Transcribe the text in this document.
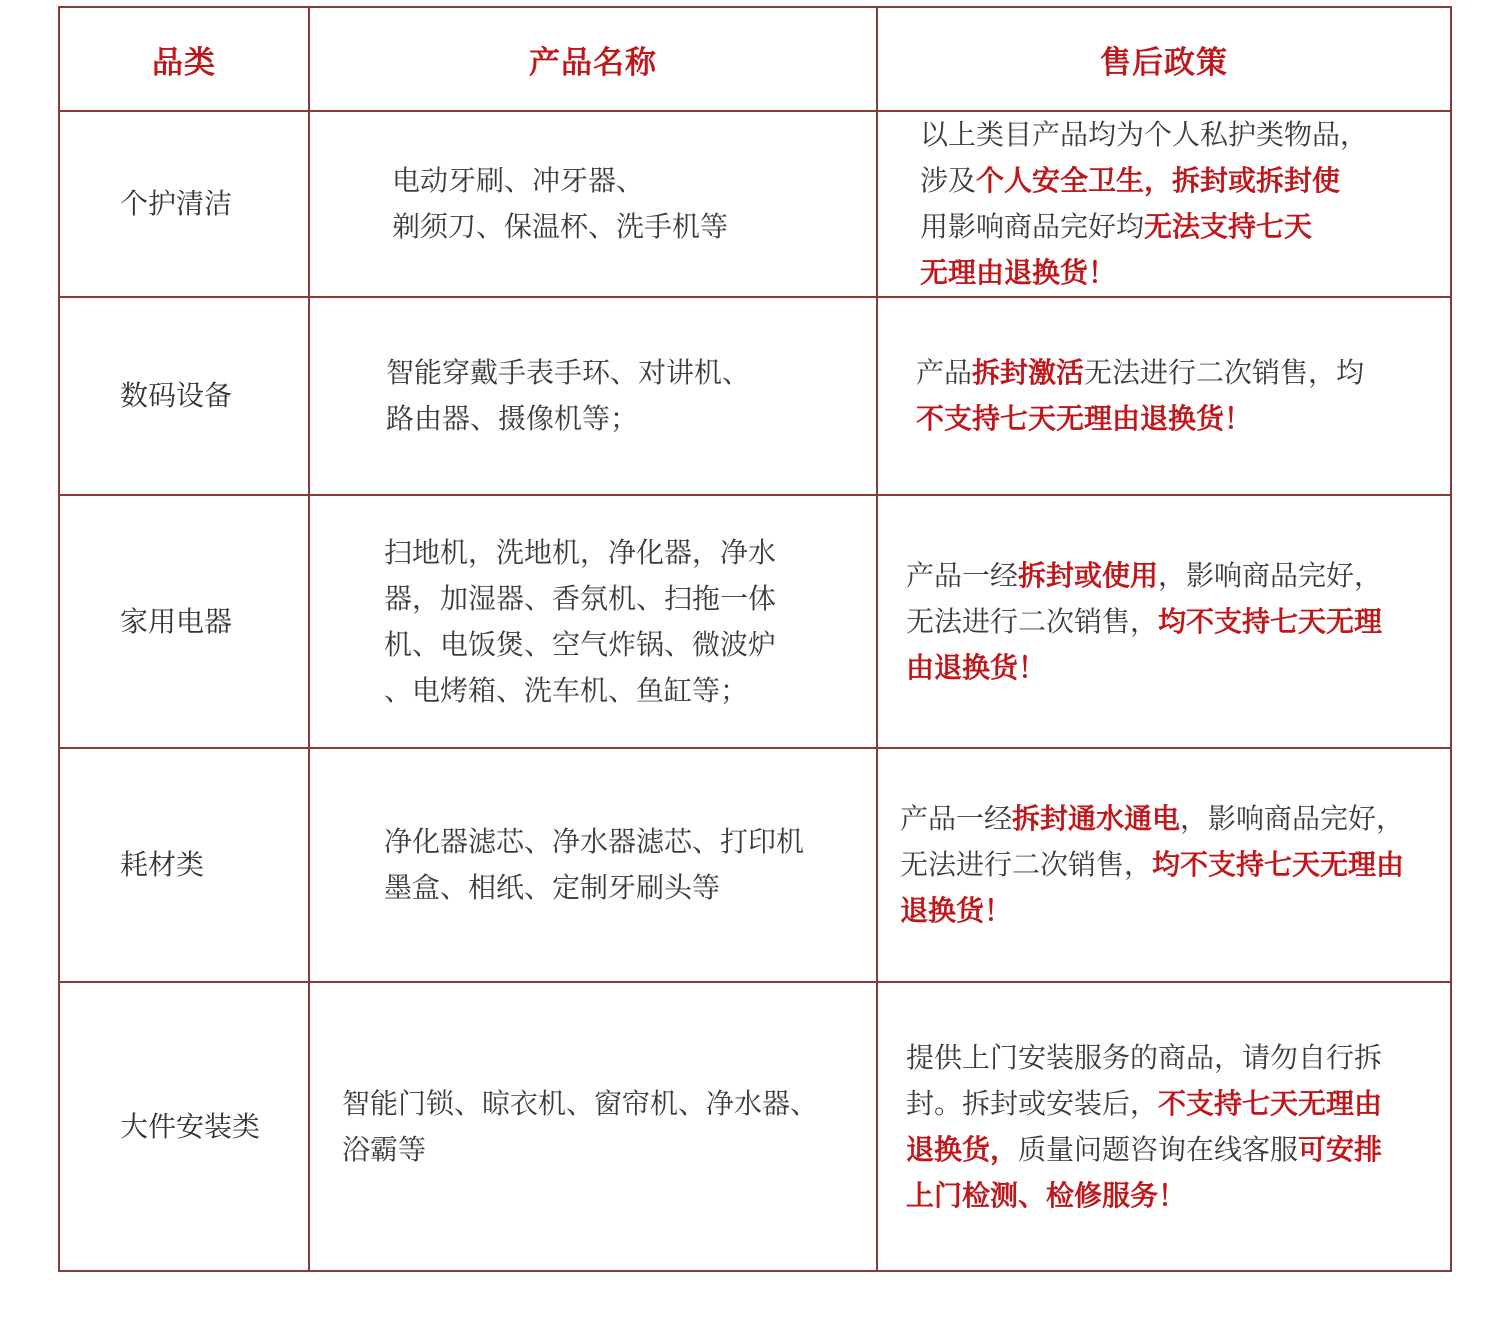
品类	产品名称	售后政策

个护清洁	电动牙刷、冲牙器、
剃须刀、保温杯、洗手机等	以上类目产品均为个人私护类物品，
涉及个人安全卫生，拆封或拆封使
用影响商品完好均无法支持七天
无理由退换货！

数码设备	智能穿戴手表手环、对讲机、
路由器、摄像机等；	产品拆封激活无法进行二次销售，均
不支持七天无理由退换货！

家用电器	扫地机，洗地机，净化器，净水
器，加湿器、香氛机、扫拖一体
机、电饭煲、空气炸锅、微波炉
、电烤箱、洗车机、鱼缸等；	产品一经拆封或使用，影响商品完好，
无法进行二次销售，均不支持七天无理
由退换货！

耗材类	净化器滤芯、净水器滤芯、打印机
墨盒、相纸、定制牙刷头等	产品一经拆封通水通电，影响商品完好，
无法进行二次销售，均不支持七天无理由
退换货！

大件安装类	智能门锁、晾衣机、窗帘机、净水器、
浴霸等	提供上门安装服务的商品，请勿自行拆
封。拆封或安装后，不支持七天无理由
退换货，质量问题咨询在线客服可安排
上门检测、检修服务！
